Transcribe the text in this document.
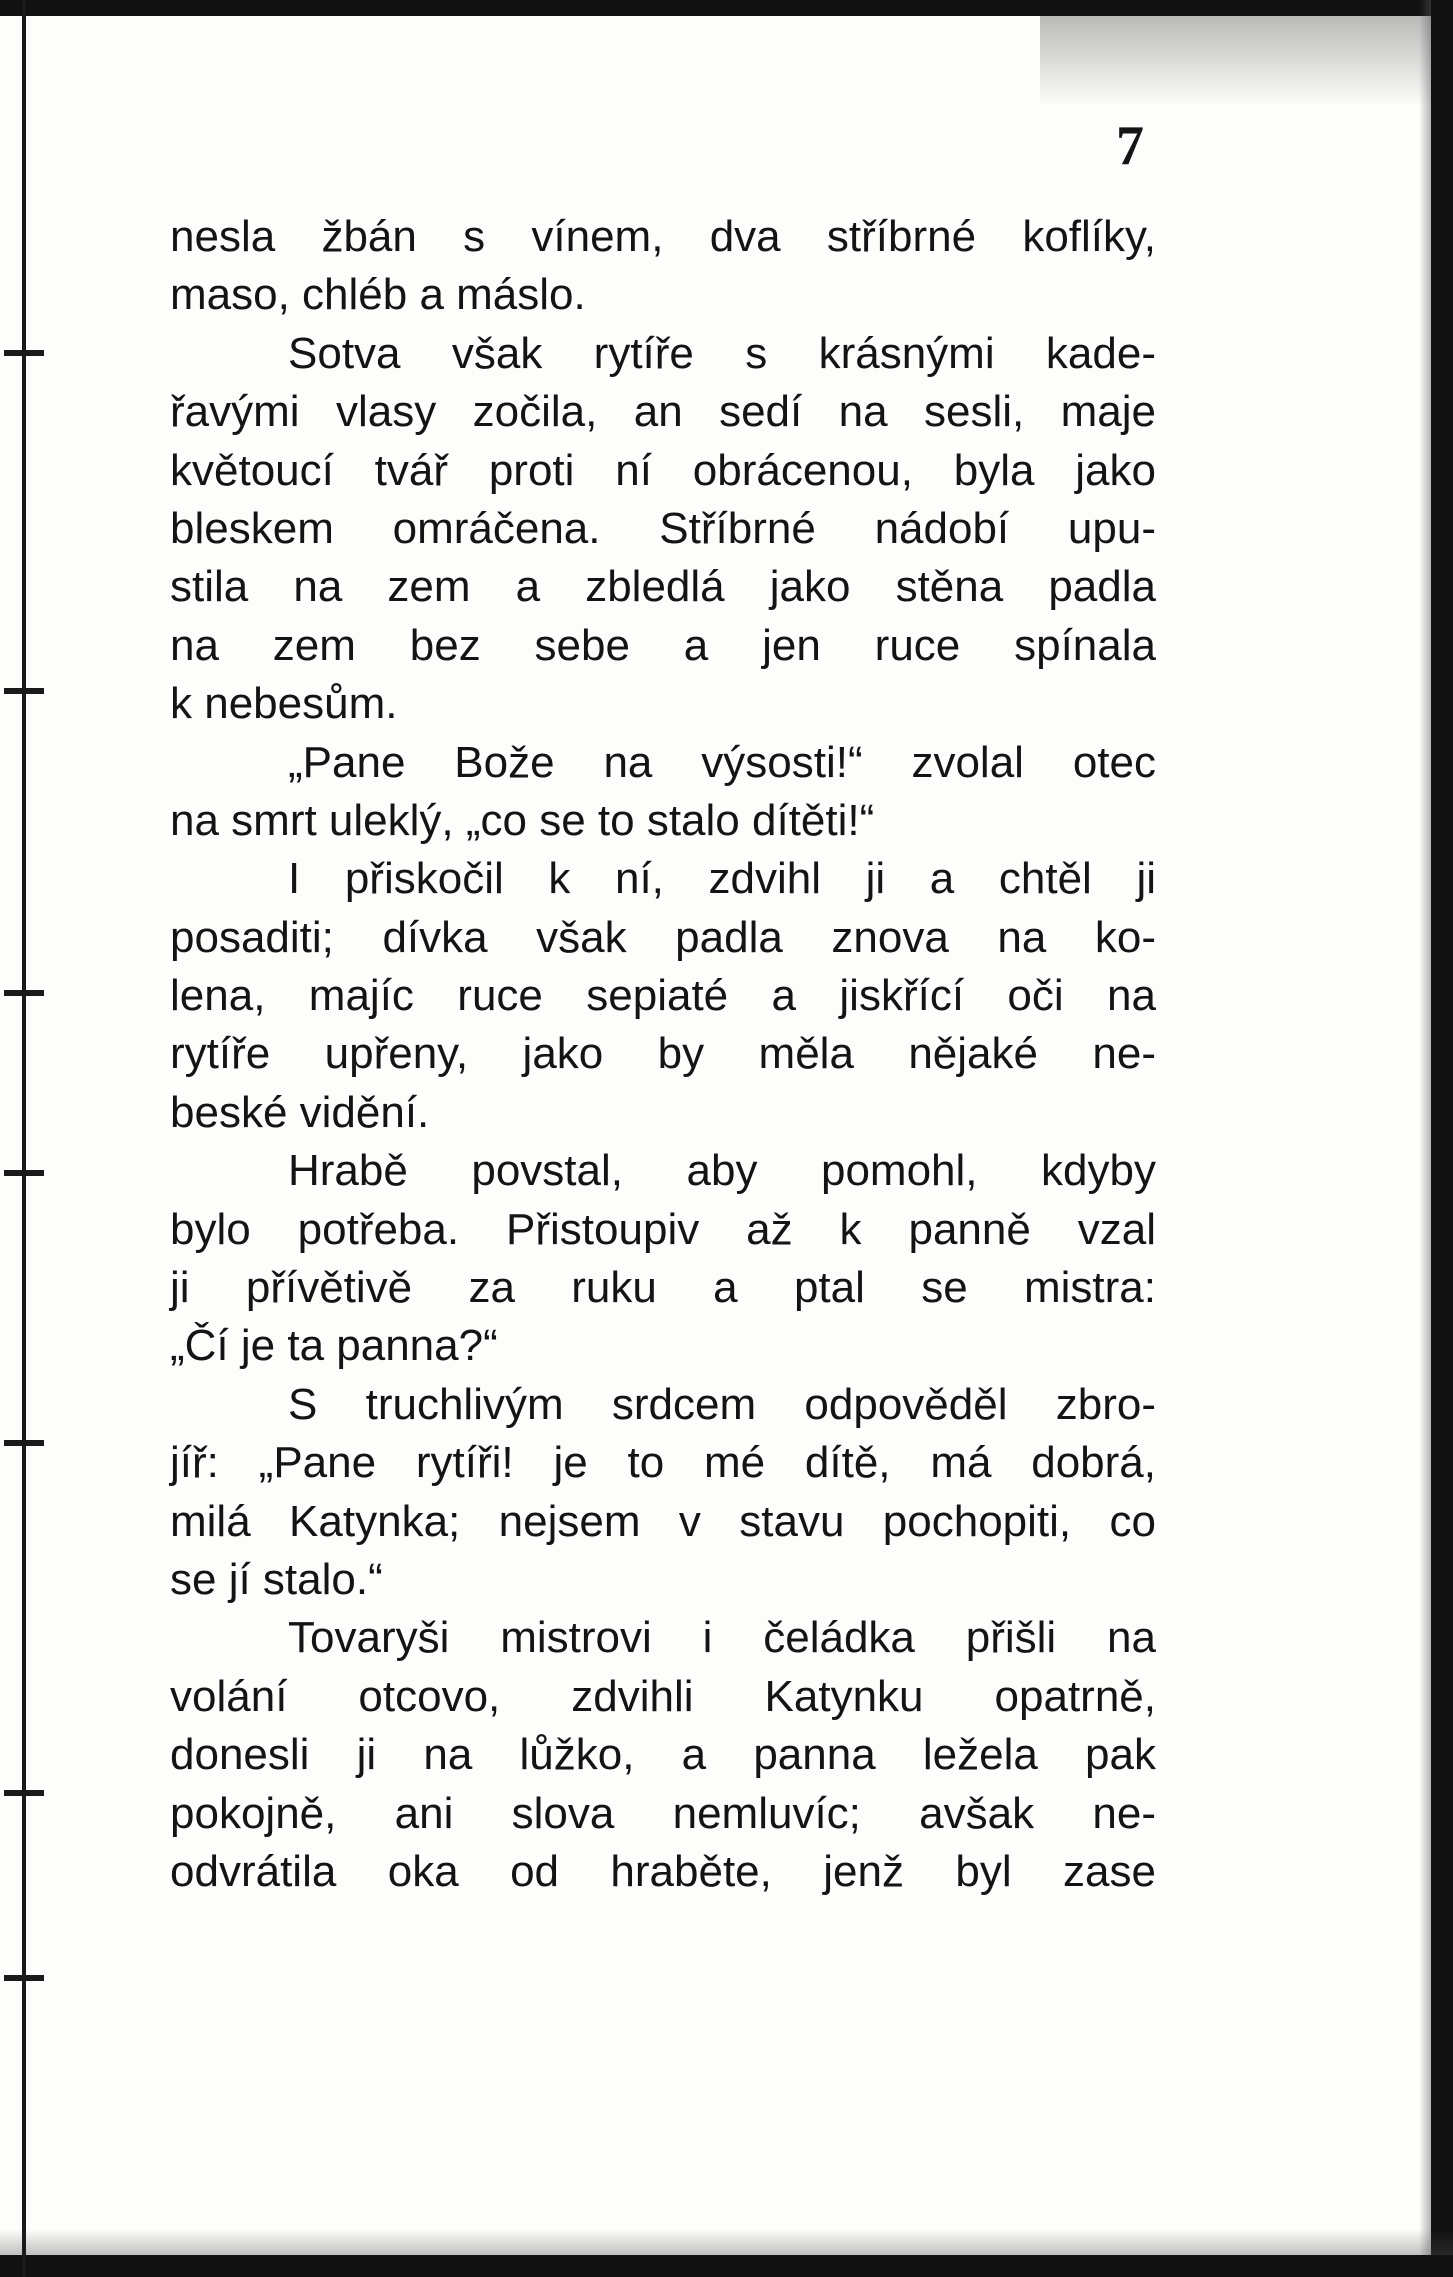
7
nesla žbán s vínem, dva stříbrné koflíky,
maso, chléb a máslo.
Sotva však rytíře s krásnými kade-
řavými vlasy zočila, an sedí na sesli, maje
květoucí tvář proti ní obrácenou, byla jako
bleskem omráčena. Stříbrné nádobí upu-
stila na zem a zbledlá jako stěna padla
na zem bez sebe a jen ruce spínala
k nebesům.
„Pane Bože na výsosti!“ zvolal otec
na smrt uleklý, „co se to stalo dítěti!“
I přiskočil k ní, zdvihl ji a chtěl ji
posaditi; dívka však padla znova na ko-
lena, majíc ruce sepiaté a jiskřící oči na
rytíře upřeny, jako by měla nějaké ne-
beské vidění.
Hrabě povstal, aby pomohl, kdyby
bylo potřeba. Přistoupiv až k panně vzal
ji přívětivě za ruku a ptal se mistra:
„Čí je ta panna?“
S truchlivým srdcem odpověděl zbro-
jíř: „Pane rytíři! je to mé dítě, má dobrá,
milá Katynka; nejsem v stavu pochopiti, co
se jí stalo.“
Tovaryši mistrovi i čeládka přišli na
volání otcovo, zdvihli Katynku opatrně,
donesli ji na lůžko, a panna ležela pak
pokojně, ani slova nemluvíc; avšak ne-
odvrátila oka od hraběte, jenž byl zase
